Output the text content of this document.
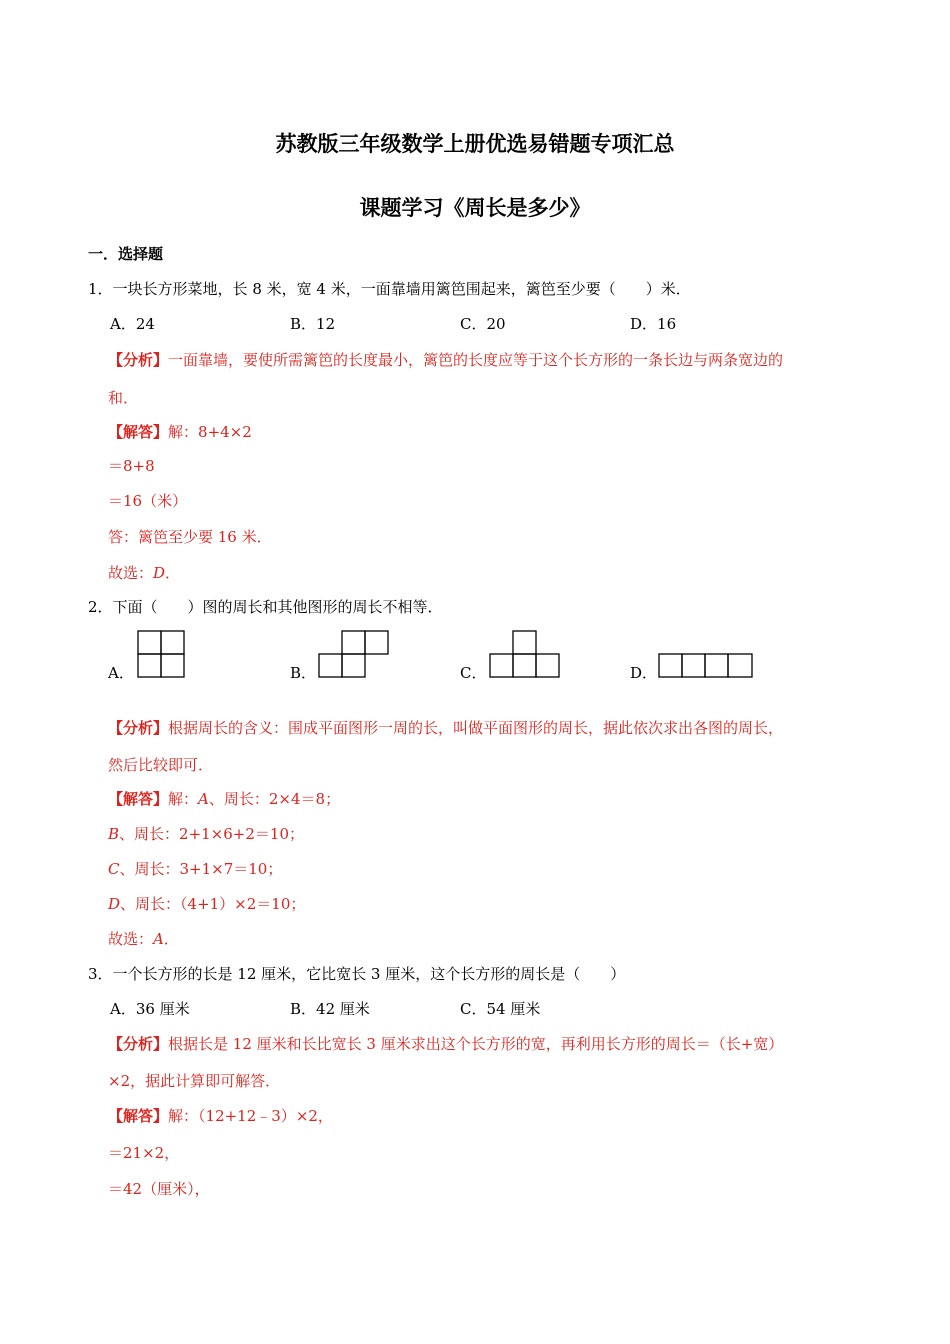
苏教版三年级数学上册优选易错题专项汇总
课题学习《周长是多少》
一．选择题
1．一块长方形菜地，长 8 米，宽 4 米，一面靠墙用篱笆围起来，篱笆至少要（　　）米．
A．24	B．12	C．20	D．16
【分析】一面靠墙，要使所需篱笆的长度最小，篱笆的长度应等于这个长方形的一条长边与两条宽边的
和．
【解答】解：8+4×2
＝8+8
＝16（米）
答：篱笆至少要 16 米．
故选：D．
2．下面（　　）图的周长和其他图形的周长不相等．
A．	B．	C．	D．
【分析】根据周长的含义：围成平面图形一周的长，叫做平面图形的周长，据此依次求出各图的周长，
然后比较即可．
【解答】解：A、周长：2×4＝8；
B、周长：2+1×6+2＝10；
C、周长：3+1×7＝10；
D、周长：（4+1）×2＝10；
故选：A．
3．一个长方形的长是 12 厘米，它比宽长 3 厘米，这个长方形的周长是（　　）
A．36 厘米	B．42 厘米	C．54 厘米
【分析】根据长是 12 厘米和长比宽长 3 厘米求出这个长方形的宽，再利用长方形的周长＝（长+宽）
×2，据此计算即可解答．
【解答】解：（12+12﹣3）×2，
＝21×2，
＝42（厘米），
